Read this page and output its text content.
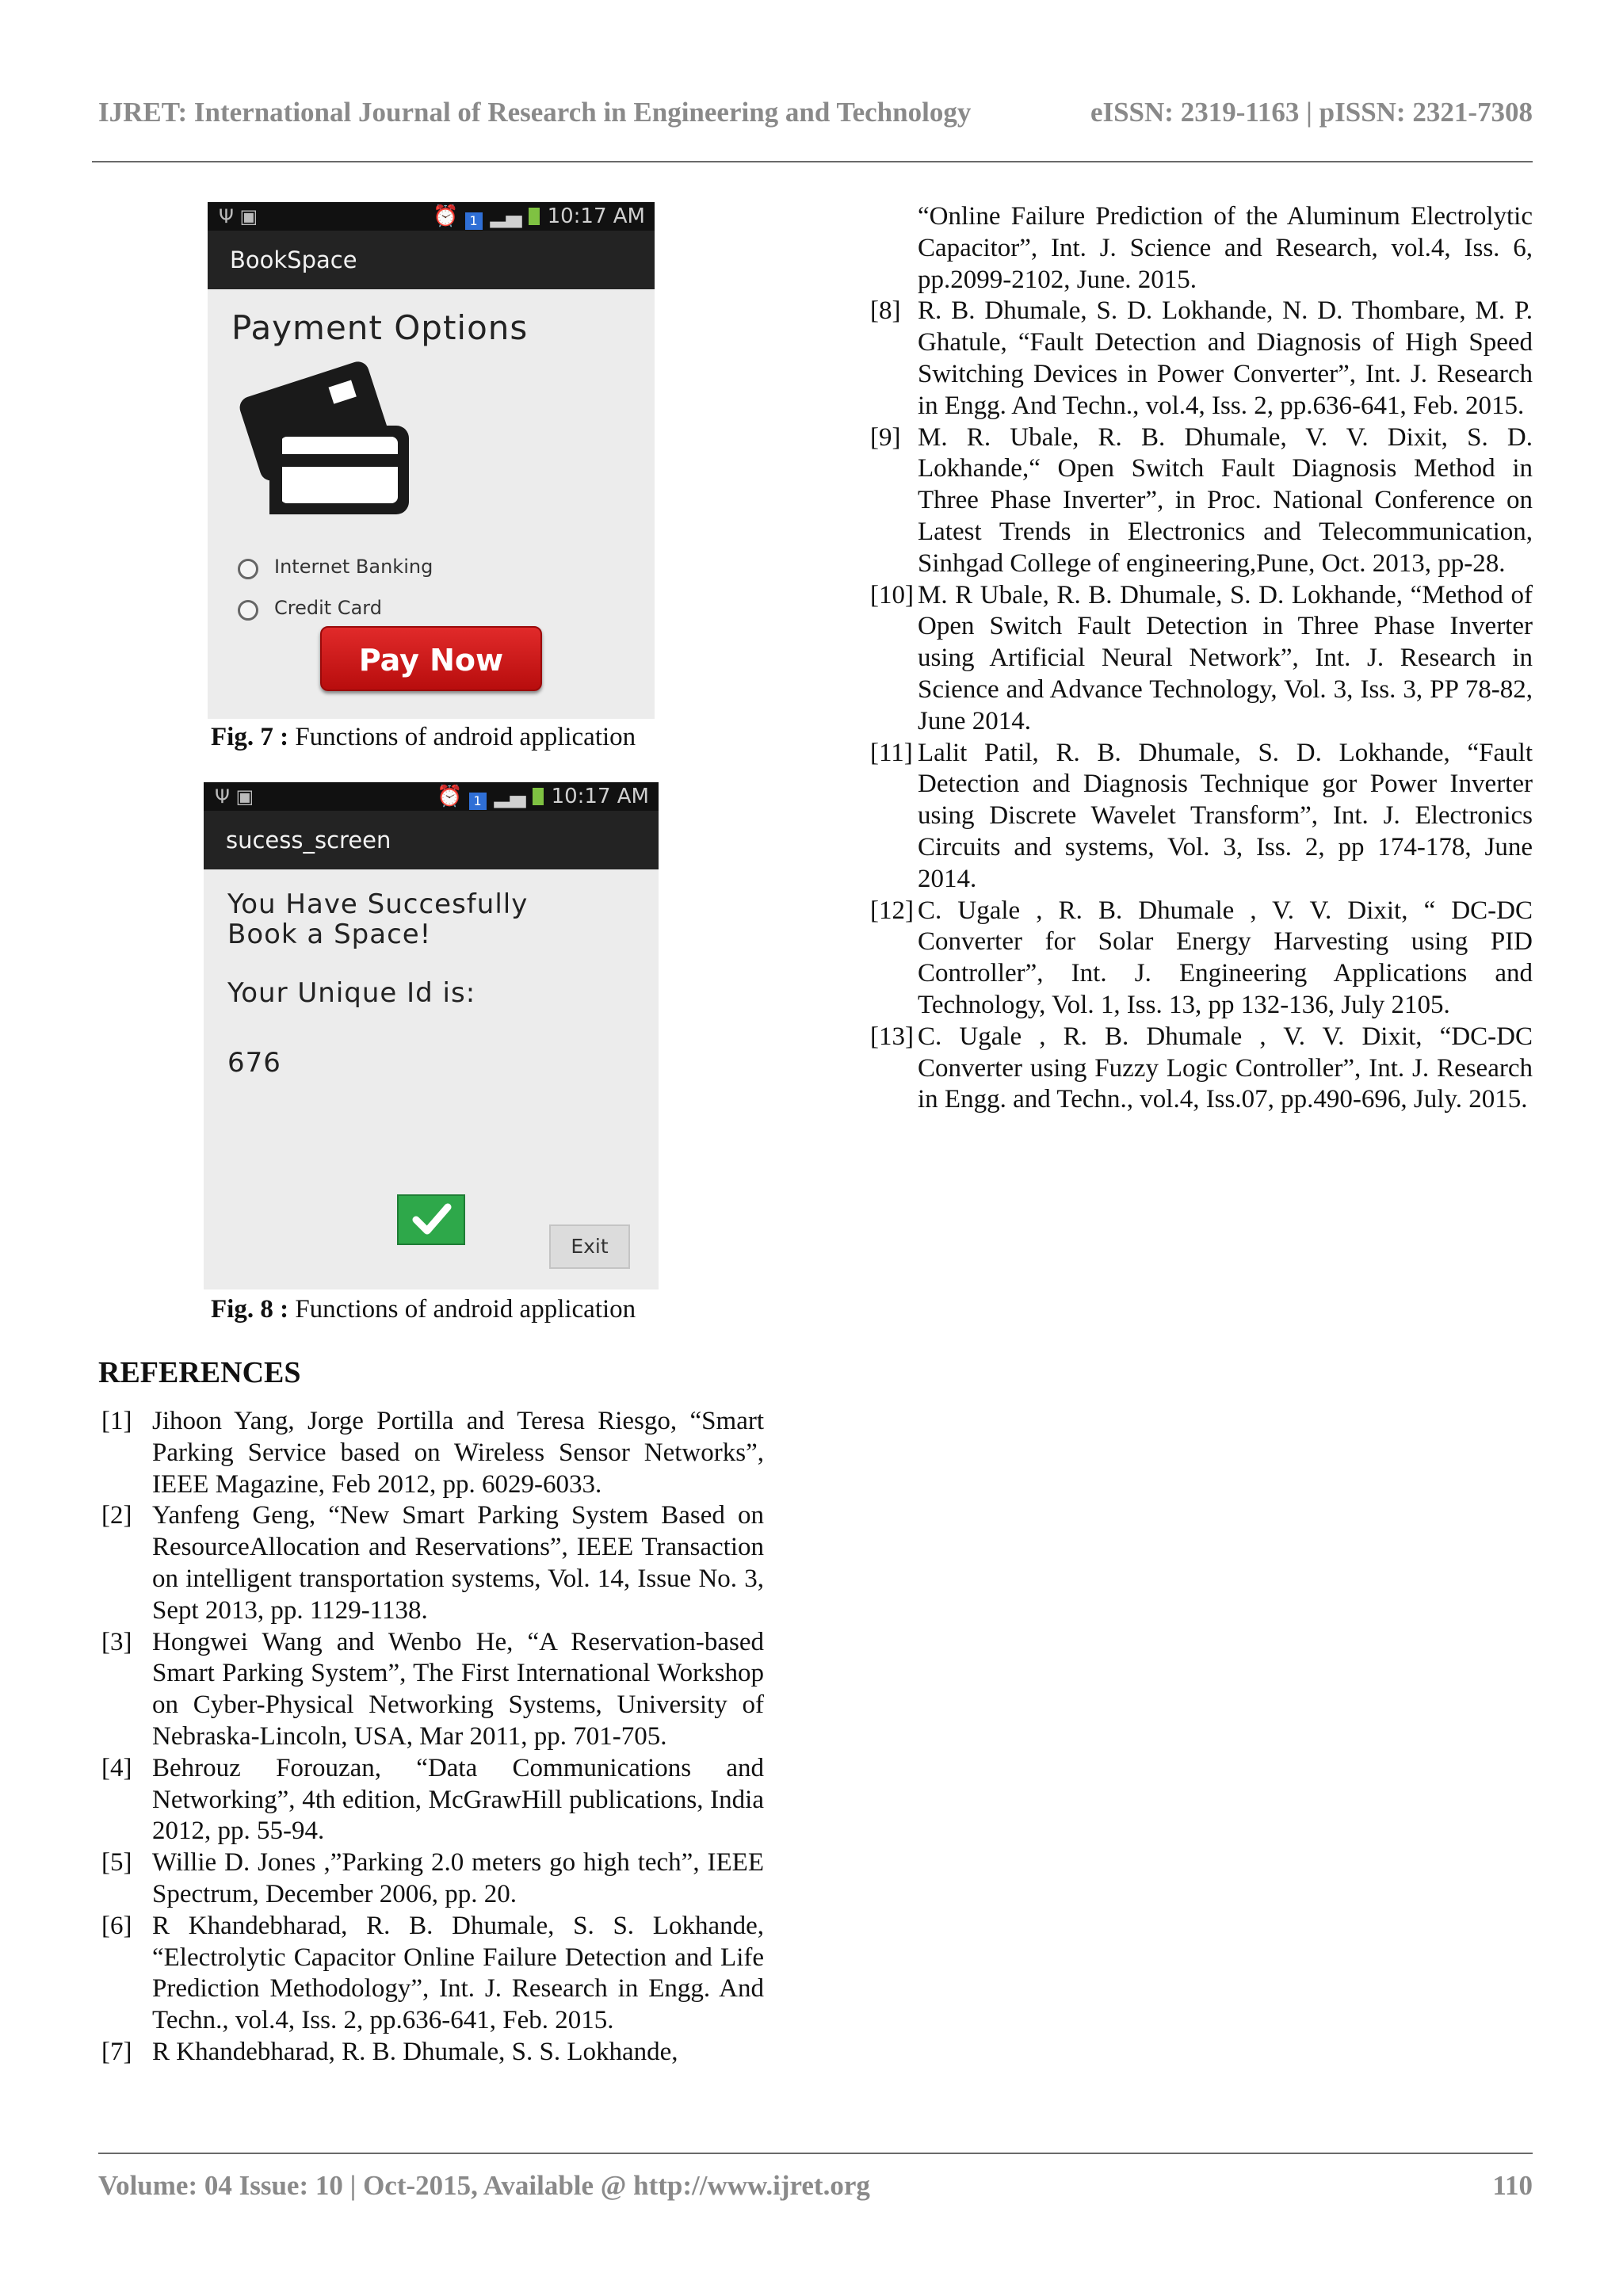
IJRET: International Journal of Research in Engineering and Technology	eISSN: 2319-1163 | pISSN: 2321-7308
Ψ ▣	⏰ 1 ▂▄ 10:17 AM
BookSpace
Payment Options
Internet Banking
Credit Card
Pay Now
Fig. 7 : Functions of android application
Ψ ▣	⏰ 1 ▂▄ 10:17 AM
sucess_screen
You Have Succesfully
Book a Space!
Your Unique Id is:
676
Exit
Fig. 8 : Functions of android application
REFERENCES
[1] Jihoon Yang, Jorge Portilla and Teresa Riesgo, “Smart Parking Service based on Wireless Sensor Networks”, IEEE Magazine, Feb 2012, pp. 6029-6033.
[2] Yanfeng Geng, “New Smart Parking System Based on ResourceAllocation and Reservations”, IEEE Transaction on intelligent transportation systems, Vol. 14, Issue No. 3, Sept 2013, pp. 1129-1138.
[3] Hongwei Wang and Wenbo He, “A Reservation-based Smart Parking System”, The First International Workshop on Cyber-Physical Networking Systems, University of Nebraska-Lincoln, USA, Mar 2011, pp. 701-705.
[4] Behrouz Forouzan, “Data Communications and Networking”, 4th edition, McGrawHill publications, India 2012, pp. 55-94.
[5] Willie D. Jones ,”Parking 2.0 meters go high tech”, IEEE Spectrum, December 2006, pp. 20.
[6] R Khandebharad, R. B. Dhumale, S. S. Lokhande, “Electrolytic Capacitor Online Failure Detection and Life Prediction Methodology”, Int. J. Research in Engg. And Techn., vol.4, Iss. 2, pp.636-641, Feb. 2015.
[7] R Khandebharad, R. B. Dhumale, S. S. Lokhande,
“Online Failure Prediction of the Aluminum Electrolytic Capacitor”, Int. J. Science and Research, vol.4, Iss. 6, pp.2099-2102, June. 2015.
[8] R. B. Dhumale, S. D. Lokhande, N. D. Thombare, M. P. Ghatule, “Fault Detection and Diagnosis of High Speed Switching Devices in Power Converter”, Int. J. Research in Engg. And Techn., vol.4, Iss. 2, pp.636-641, Feb. 2015.
[9] M. R. Ubale, R. B. Dhumale, V. V. Dixit, S. D. Lokhande,“ Open Switch Fault Diagnosis Method in Three Phase Inverter”, in Proc. National Conference on Latest Trends in Electronics and Telecommunication, Sinhgad College of engineering,Pune, Oct. 2013, pp-28.
[10] M. R Ubale, R. B. Dhumale, S. D. Lokhande, “Method of Open Switch Fault Detection in Three Phase Inverter using Artificial Neural Network”, Int. J. Research in Science and Advance Technology, Vol. 3, Iss. 3, PP 78-82, June 2014.
[11] Lalit Patil, R. B. Dhumale, S. D. Lokhande, “Fault Detection and Diagnosis Technique gor Power Inverter using Discrete Wavelet Transform”, Int. J. Electronics Circuits and systems, Vol. 3, Iss. 2, pp 174-178, June 2014.
[12] C. Ugale , R. B. Dhumale , V. V. Dixit, “ DC-DC Converter for Solar Energy Harvesting using PID Controller”, Int. J. Engineering Applications and Technology, Vol. 1, Iss. 13, pp 132-136, July 2105.
[13] C. Ugale , R. B. Dhumale , V. V. Dixit, “DC-DC Converter using Fuzzy Logic Controller”, Int. J. Research in Engg. and Techn., vol.4, Iss.07, pp.490-696, July. 2015.
Volume: 04 Issue: 10 | Oct-2015, Available @ http://www.ijret.org	110
